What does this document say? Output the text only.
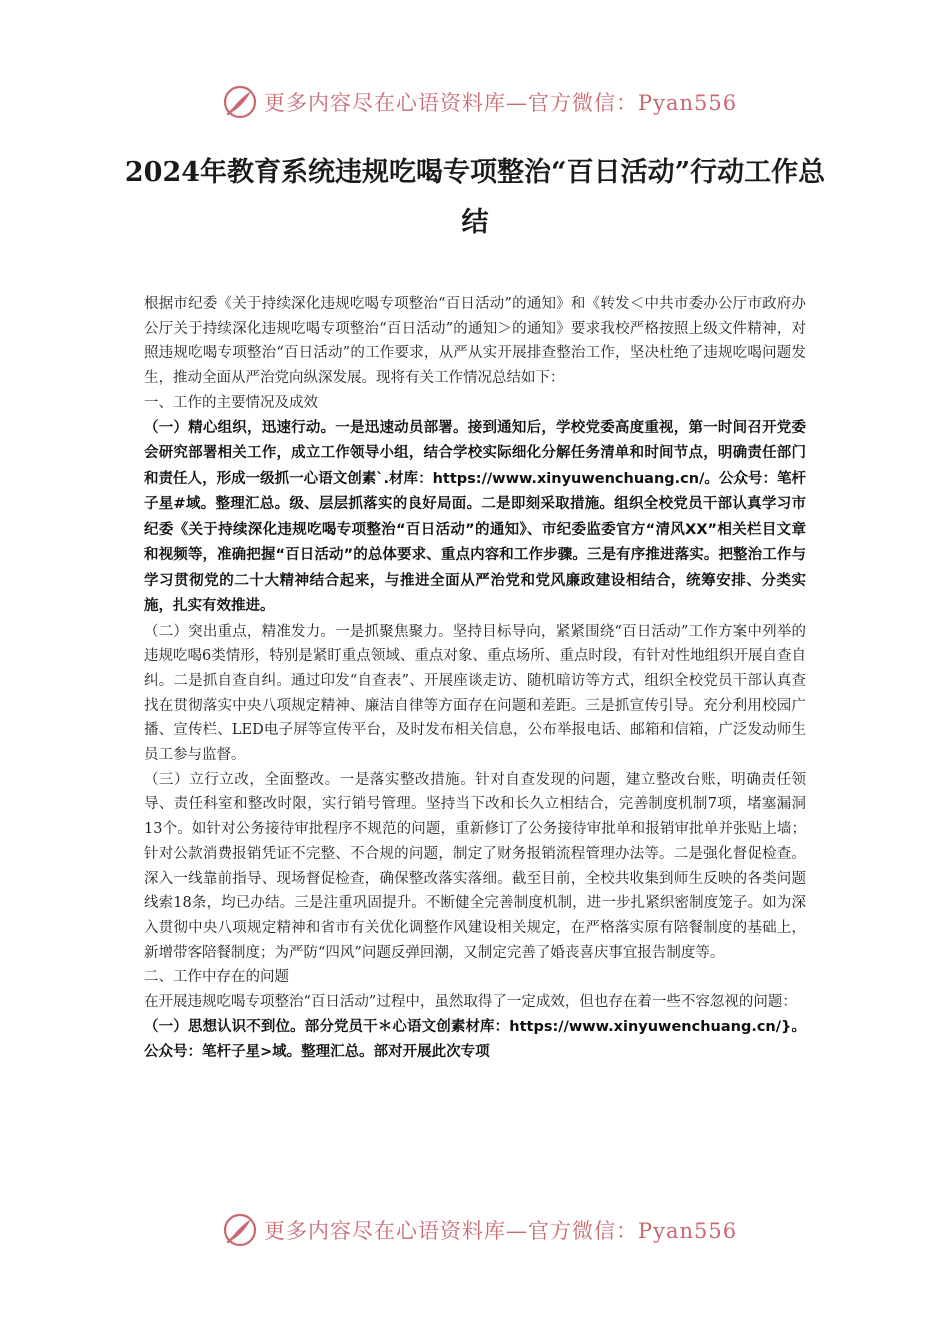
更多内容尽在心语资料库—官方微信：Pyan556
2024年教育系统违规吃喝专项整治“百日活动”行动工作总结

根据市纪委《关于持续深化违规吃喝专项整治“百日活动”的通知》和《转发＜中共市委办公厅市政府办公厅关于持续深化违规吃喝专项整治“百日活动”的通知＞的通知》要求我校严格按照上级文件精神，对照违规吃喝专项整治“百日活动”的工作要求，从严从实开展排查整治工作，坚决杜绝了违规吃喝问题发生，推动全面从严治党向纵深发展。现将有关工作情况总结如下：

一、工作的主要情况及成效

（一）精心组织，迅速行动。一是迅速动员部署。接到通知后，学校党委高度重视，第一时间召开党委会研究部署相关工作，成立工作领导小组，结合学校实际细化分解任务清单和时间节点，明确责任部门和责任人，形成一级抓一心语文创素`.材库：https://www.xinyuwenchuang.cn/。公众号：笔杆子星#域。整理汇总。级、层层抓落实的良好局面。二是即刻采取措施。组织全校党员干部认真学习市纪委《关于持续深化违规吃喝专项整治“百日活动”的通知》、市纪委监委官方“清风XX”相关栏目文章和视频等，准确把握“百日活动”的总体要求、重点内容和工作步骤。三是有序推进落实。把整治工作与学习贯彻党的二十大精神结合起来，与推进全面从严治党和党风廉政建设相结合，统筹安排、分类实施，扎实有效推进。

（二）突出重点，精准发力。一是抓聚焦聚力。坚持目标导向，紧紧围绕“百日活动”工作方案中列举的违规吃喝6类情形，特别是紧盯重点领域、重点对象、重点场所、重点时段，有针对性地组织开展自查自纠。二是抓自查自纠。通过印发“自查表”、开展座谈走访、随机暗访等方式，组织全校党员干部认真查找在贯彻落实中央八项规定精神、廉洁自律等方面存在问题和差距。三是抓宣传引导。充分利用校园广播、宣传栏、LED电子屏等宣传平台，及时发布相关信息，公布举报电话、邮箱和信箱，广泛发动师生员工参与监督。

（三）立行立改，全面整改。一是落实整改措施。针对自查发现的问题，建立整改台账，明确责任领导、责任科室和整改时限，实行销号管理。坚持当下改和长久立相结合，完善制度机制7项，堵塞漏洞13个。如针对公务接待审批程序不规范的问题，重新修订了公务接待审批单和报销审批单并张贴上墙；针对公款消费报销凭证不完整、不合规的问题，制定了财务报销流程管理办法等。二是强化督促检查。深入一线靠前指导、现场督促检查，确保整改落实落细。截至目前，全校共收集到师生反映的各类问题线索18条，均已办结。三是注重巩固提升。不断健全完善制度机制，进一步扎紧织密制度笼子。如为深入贯彻中央八项规定精神和省市有关优化调整作风建设相关规定，在严格落实原有陪餐制度的基础上，新增带客陪餐制度；为严防“四风”问题反弹回潮，又制定完善了婚丧喜庆事宜报告制度等。

二、工作中存在的问题

在开展违规吃喝专项整治“百日活动”过程中，虽然取得了一定成效，但也存在着一些不容忽视的问题：

（一）思想认识不到位。部分党员干＊心语文创素材库：https://www.xinyuwenchuang.cn/}。公众号：笔杆子星>域。整理汇总。部对开展此次专项

更多内容尽在心语资料库—官方微信：Pyan556
